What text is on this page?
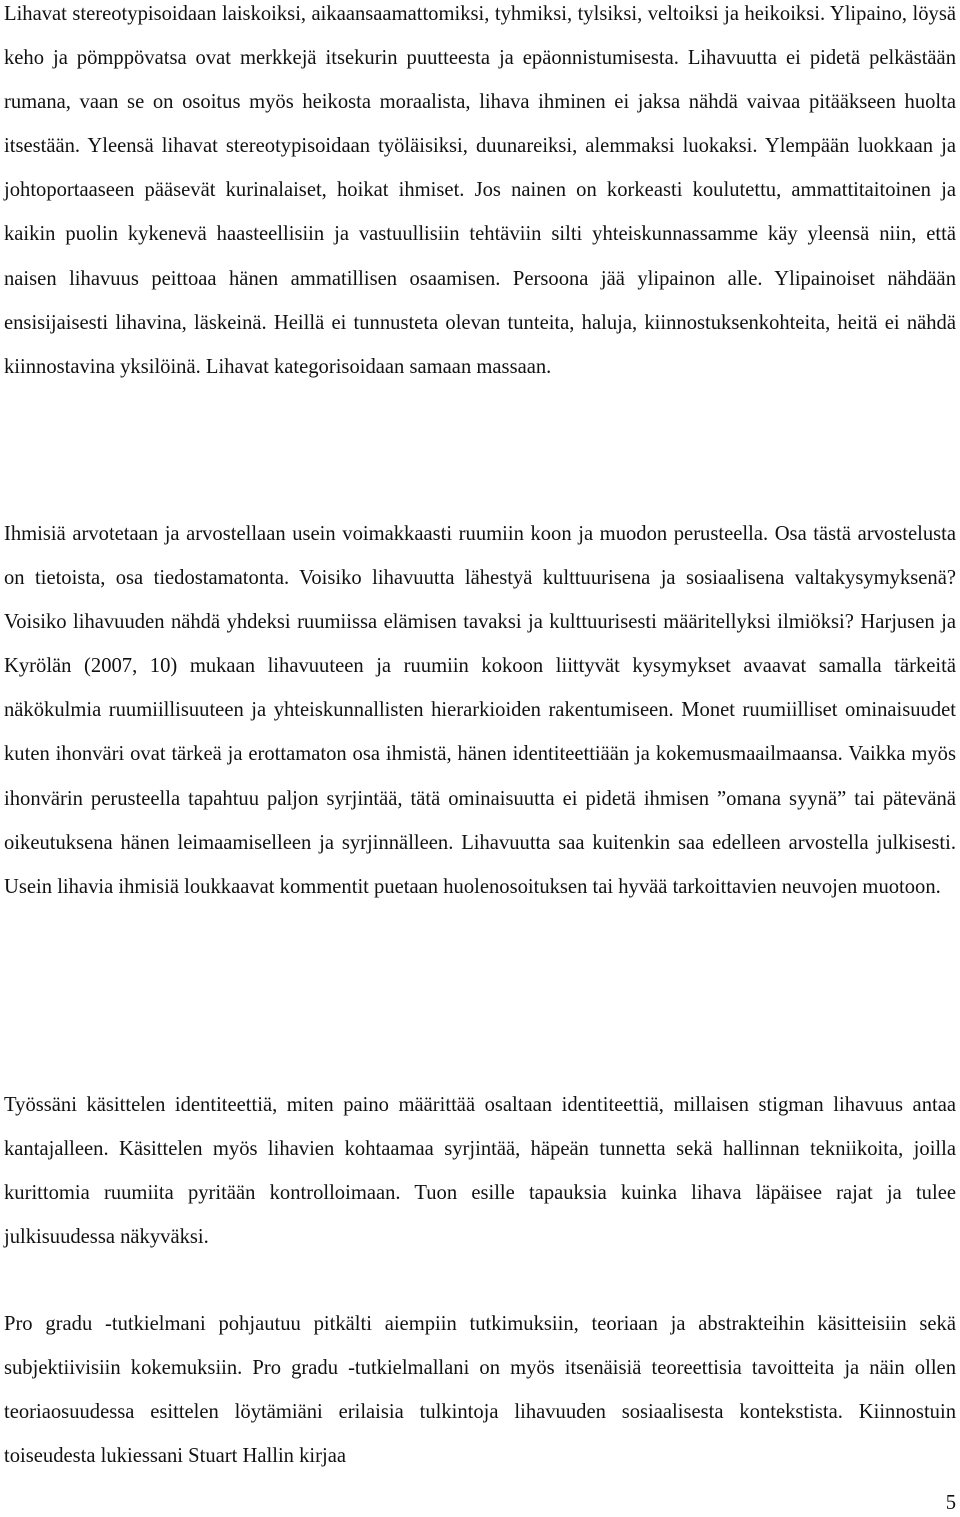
Lihavat stereotypisoidaan laiskoiksi, aikaansaamattomiksi, tyhmiksi, tylsiksi, veltoiksi ja heikoiksi. Ylipaino, löysä keho ja pömppövatsa ovat merkkejä itsekurin puutteesta ja epäonnistumisesta. Lihavuutta ei pidetä pelkästään rumana, vaan se on osoitus myös heikosta moraalista, lihava ihminen ei jaksa nähdä vaivaa pitääkseen huolta itsestään. Yleensä lihavat stereotypisoidaan työläisiksi, duunareiksi, alemmaksi luokaksi. Ylempään luokkaan ja johtoportaaseen pääsevät kurinalaiset, hoikat ihmiset. Jos nainen on korkeasti koulutettu, ammattitaitoinen ja kaikin puolin kykenevä haasteellisiin ja vastuullisiin tehtäviin silti yhteiskunnassamme käy yleensä niin, että naisen lihavuus peittoaa hänen ammatillisen osaamisen. Persoona jää ylipainon alle. Ylipainoiset nähdään ensisijaisesti lihavina, läskeinä. Heillä ei tunnusteta olevan tunteita, haluja, kiinnostuksenkohteita, heitä ei nähdä kiinnostavina yksilöinä. Lihavat kategorisoidaan samaan massaan.

Ihmisiä arvotetaan ja arvostellaan usein voimakkaasti ruumiin koon ja muodon perusteella. Osa tästä arvostelusta on tietoista, osa tiedostamatonta. Voisiko lihavuutta lähestyä kulttuurisena ja sosiaalisena valtakysymyksenä? Voisiko lihavuuden nähdä yhdeksi ruumiissa elämisen tavaksi ja kulttuurisesti määritellyksi ilmiöksi? Harjusen ja Kyrölän (2007, 10) mukaan lihavuuteen ja ruumiin kokoon liittyvät kysymykset avaavat samalla tärkeitä näkökulmia ruumiillisuuteen ja yhteiskunnallisten hierarkioiden rakentumiseen. Monet ruumiilliset ominaisuudet kuten ihonväri ovat tärkeä ja erottamaton osa ihmistä, hänen identiteettiään ja kokemusmaailmaansa. Vaikka myös ihonvärin perusteella tapahtuu paljon syrjintää, tätä ominaisuutta ei pidetä ihmisen ”omana syynä” tai pätevänä oikeutuksena hänen leimaamiselleen ja syrjinnälleen. Lihavuutta saa kuitenkin saa edelleen arvostella julkisesti. Usein lihavia ihmisiä loukkaavat kommentit puetaan huolenosoituksen tai hyvää tarkoittavien neuvojen muotoon.

Työssäni käsittelen identiteettiä, miten paino määrittää osaltaan identiteettiä, millaisen stigman lihavuus antaa kantajalleen. Käsittelen myös lihavien kohtaamaa syrjintää, häpeän tunnetta sekä hallinnan tekniikoita, joilla kurittomia ruumiita pyritään kontrolloimaan. Tuon esille tapauksia kuinka lihava läpäisee rajat ja tulee julkisuudessa näkyväksi.

Pro gradu -tutkielmani pohjautuu pitkälti aiempiin tutkimuksiin, teoriaan ja abstrakteihin käsitteisiin sekä subjektiivisiin kokemuksiin. Pro gradu -tutkielmallani on myös itsenäisiä teoreettisia tavoitteita ja näin ollen teoriaosuudessa esittelen löytämiäni erilaisia tulkintoja lihavuuden sosiaalisesta kontekstista. Kiinnostuin toiseudesta lukiessani Stuart Hallin kirjaa

5
